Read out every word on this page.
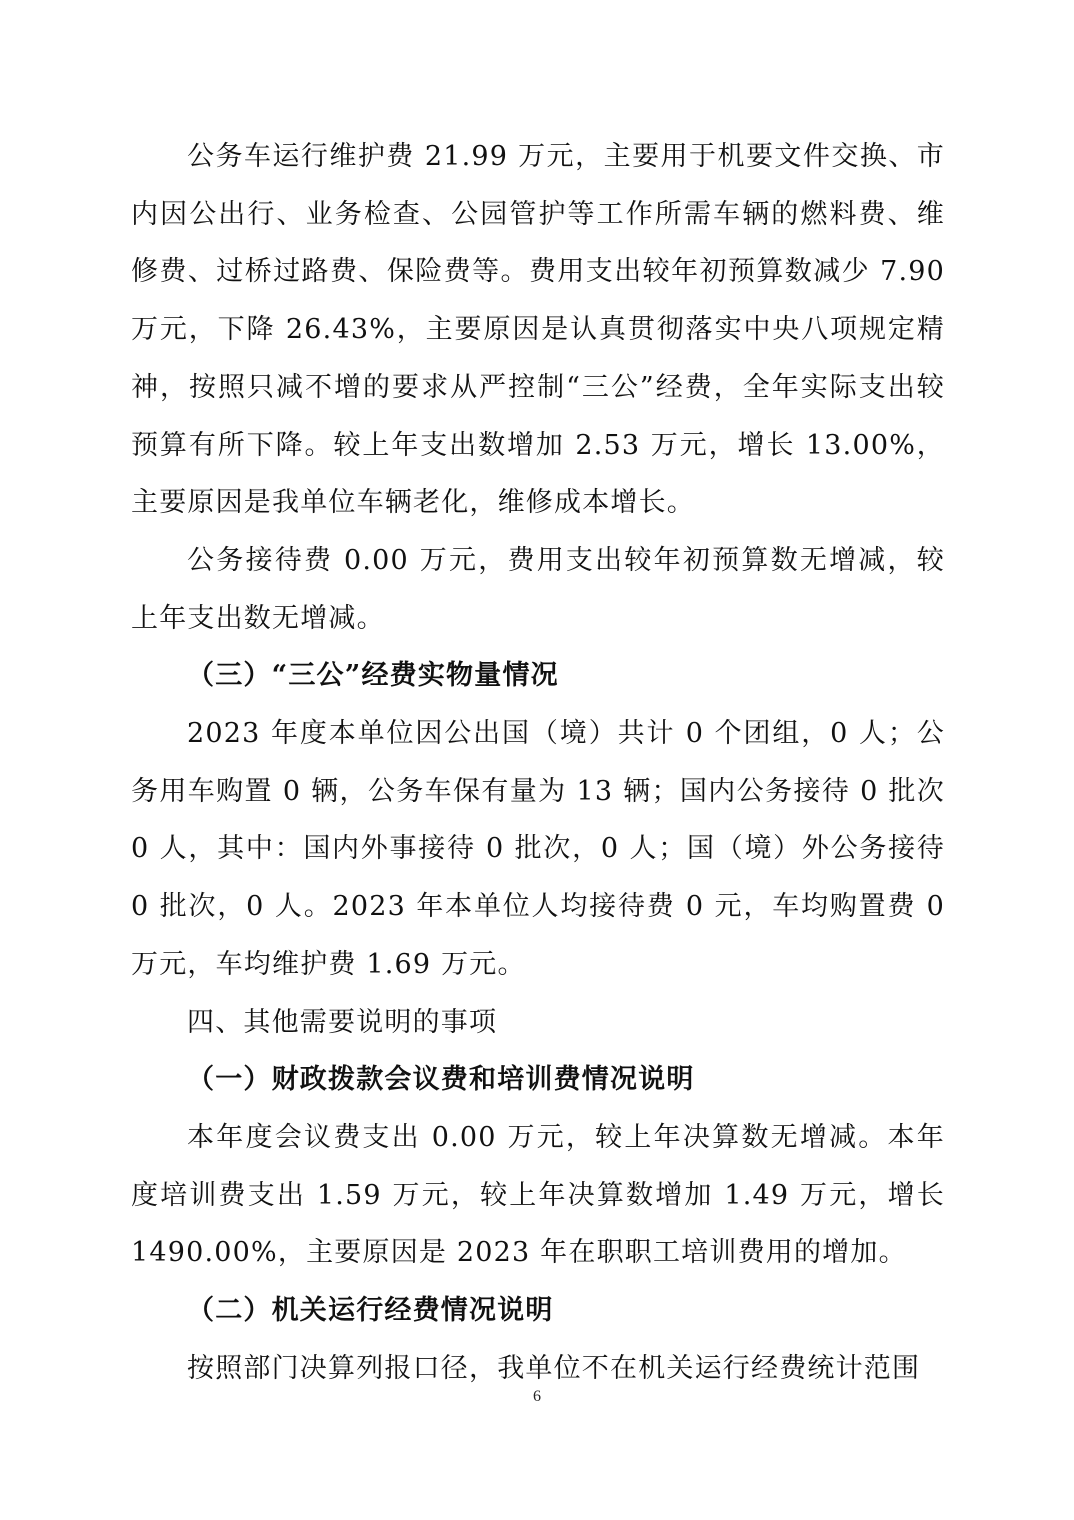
公务车运行维护费 21.99 万元，主要用于机要文件交换、市内因公出行、业务检查、公园管护等工作所需车辆的燃料费、维修费、过桥过路费、保险费等。费用支出较年初预算数减少 7.90 万元，下降 26.43%，主要原因是认真贯彻落实中央八项规定精神，按照只减不增的要求从严控制“三公”经费，全年实际支出较预算有所下降。较上年支出数增加 2.53 万元，增长 13.00%，主要原因是我单位车辆老化，维修成本增长。

公务接待费 0.00 万元，费用支出较年初预算数无增减，较上年支出数无增减。

（三）“三公”经费实物量情况

2023 年度本单位因公出国（境）共计 0 个团组，0 人；公务用车购置 0 辆，公务车保有量为 13 辆；国内公务接待 0 批次 0 人，其中：国内外事接待 0 批次，0 人；国（境）外公务接待 0 批次，0 人。2023 年本单位人均接待费 0 元，车均购置费 0 万元，车均维护费 1.69 万元。

四、其他需要说明的事项

（一）财政拨款会议费和培训费情况说明

本年度会议费支出 0.00 万元，较上年决算数无增减。本年度培训费支出 1.59 万元，较上年决算数增加 1.49 万元，增长 1490.00%，主要原因是 2023 年在职职工培训费用的增加。

（二）机关运行经费情况说明

按照部门决算列报口径，我单位不在机关运行经费统计范围

6
